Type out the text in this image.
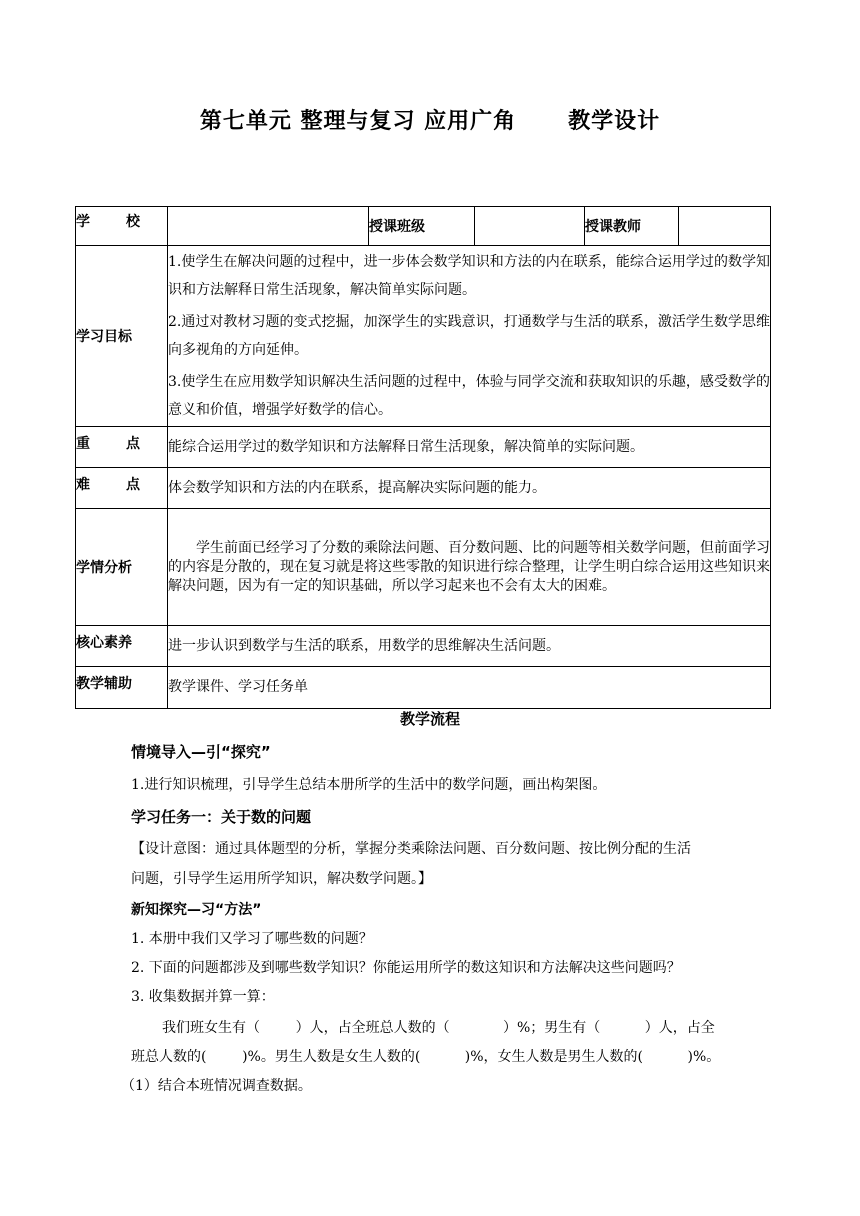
第七单元 整理与复习 应用广角      教学设计
学校		授课班级		授课教师	
学习目标	1.使学生在解决问题的过程中，进一步体会数学知识和方法的内在联系，能综合运用学过的数学知识和方法解释日常生活现象，解决简单实际问题。
2.通过对教材习题的变式挖掘，加深学生的实践意识，打通数学与生活的联系，激活学生数学思维向多视角的方向延伸。
3.使学生在应用数学知识解决生活问题的过程中，体验与同学交流和获取知识的乐趣，感受数学的意义和价值，增强学好数学的信心。				

重点	能综合运用学过的数学知识和方法解释日常生活现象，解决简单的实际问题。				
难点	体会数学知识和方法的内在联系，提高解决实际问题的能力。				
学情分析	学生前面已经学习了分数的乘除法问题、百分数问题、比的问题等相关数学问题，但前面学习的内容是分散的，现在复习就是将这些零散的知识进行综合整理，让学生明白综合运用这些知识来解决问题，因为有一定的知识基础，所以学习起来也不会有太大的困难。				
核心素养	进一步认识到数学与生活的联系，用数学的思维解决生活问题。				
教学辅助	教学课件、学习任务单				
教学流程
情境导入—引“探究”
1.进行知识梳理，引导学生总结本册所学的生活中的数学问题，画出构架图。
学习任务一：关于数的问题
【设计意图：通过具体题型的分析，掌握分类乘除法问题、百分数问题、按比例分配的生活
问题，引导学生运用所学知识，解决数学问题。】
新知探究—习“方法”
1. 本册中我们又学习了哪些数的问题？
2. 下面的问题都涉及到哪些数学知识？你能运用所学的数这知识和方法解决这些问题吗？
3. 收集数据并算一算：
我们班女生有（        ）人，占全班总人数的（            ）%；男生有（          ）人，占全
班总人数的(        )%。男生人数是女生人数的(          )%，女生人数是男生人数的(          )%。
（1）结合本班情况调查数据。
